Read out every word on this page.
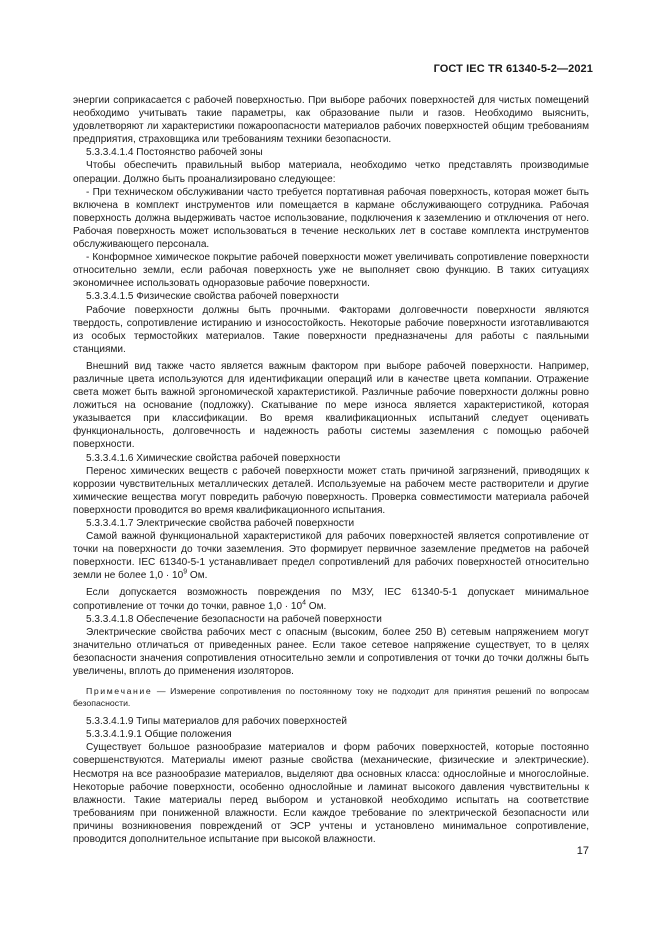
ГОСТ IEC TR 61340-5-2—2021

энергии соприкасается с рабочей поверхностью. При выборе рабочих поверхностей для чистых помещений необходимо учитывать такие параметры, как образование пыли и газов. Необходимо выяснить, удовлетворяют ли характеристики пожароопасности материалов рабочих поверхностей общим требованиям предприятия, страховщика или требованиям техники безопасности.

5.3.3.4.1.4 Постоянство рабочей зоны

Чтобы обеспечить правильный выбор материала, необходимо четко представлять производимые операции. Должно быть проанализировано следующее:

- При техническом обслуживании часто требуется портативная рабочая поверхность, которая может быть включена в комплект инструментов или помещается в кармане обслуживающего сотрудника. Рабочая поверхность должна выдерживать частое использование, подключения к заземлению и отключения от него. Рабочая поверхность может использоваться в течение нескольких лет в составе комплекта инструментов обслуживающего персонала.

- Конформное химическое покрытие рабочей поверхности может увеличивать сопротивление поверхности относительно земли, если рабочая поверхность уже не выполняет свою функцию. В таких ситуациях экономичнее использовать одноразовые рабочие поверхности.

5.3.3.4.1.5 Физические свойства рабочей поверхности

Рабочие поверхности должны быть прочными. Факторами долговечности поверхности являются твердость, сопротивление истиранию и износостойкость. Некоторые рабочие поверхности изготавливаются из особых термостойких материалов. Такие поверхности предназначены для работы с паяльными станциями.

Внешний вид также часто является важным фактором при выборе рабочей поверхности. Например, различные цвета используются для идентификации операций или в качестве цвета компании. Отражение света может быть важной эргономической характеристикой. Различные рабочие поверхности должны ровно ложиться на основание (подложку). Скатывание по мере износа является характеристикой, которая указывается при классификации. Во время квалификационных испытаний следует оценивать функциональность, долговечность и надежность работы системы заземления с помощью рабочей поверхности.

5.3.3.4.1.6 Химические свойства рабочей поверхности

Перенос химических веществ с рабочей поверхности может стать причиной загрязнений, приводящих к коррозии чувствительных металлических деталей. Используемые на рабочем месте растворители и другие химические вещества могут повредить рабочую поверхность. Проверка совместимости материала рабочей поверхности проводится во время квалификационного испытания.

5.3.3.4.1.7 Электрические свойства рабочей поверхности

Самой важной функциональной характеристикой для рабочих поверхностей является сопротивление от точки на поверхности до точки заземления. Это формирует первичное заземление предметов на рабочей поверхности. IEC 61340-5-1 устанавливает предел сопротивлений для рабочих поверхностей относительно земли не более $1,0 \cdot 10^9$ Ом.

Если допускается возможность повреждения по МЗУ, IEC 61340-5-1 допускает минимальное сопротивление от точки до точки, равное $1,0 \cdot 10^4$ Ом.

5.3.3.4.1.8 Обеспечение безопасности на рабочей поверхности

Электрические свойства рабочих мест с опасным (высоким, более 250 В) сетевым напряжением могут значительно отличаться от приведенных ранее. Если такое сетевое напряжение существует, то в целях безопасности значения сопротивления относительно земли и сопротивления от точки до точки должны быть увеличены, вплоть до применения изоляторов.

Примечание — Измерение сопротивления по постоянному току не подходит для принятия решений по вопросам безопасности.

5.3.3.4.1.9 Типы материалов для рабочих поверхностей

5.3.3.4.1.9.1 Общие положения

Существует большое разнообразие материалов и форм рабочих поверхностей, которые постоянно совершенствуются. Материалы имеют разные свойства (механические, физические и электрические). Несмотря на все разнообразие материалов, выделяют два основных класса: однослойные и многослойные. Некоторые рабочие поверхности, особенно однослойные и ламинат высокого давления чувствительны к влажности. Такие материалы перед выбором и установкой необходимо испытать на соответствие требованиям при пониженной влажности. Если каждое требование по электрической безопасности или причины возникновения повреждений от ЭСР учтены и установлено минимальное сопротивление, проводится дополнительное испытание при высокой влажности.

17
